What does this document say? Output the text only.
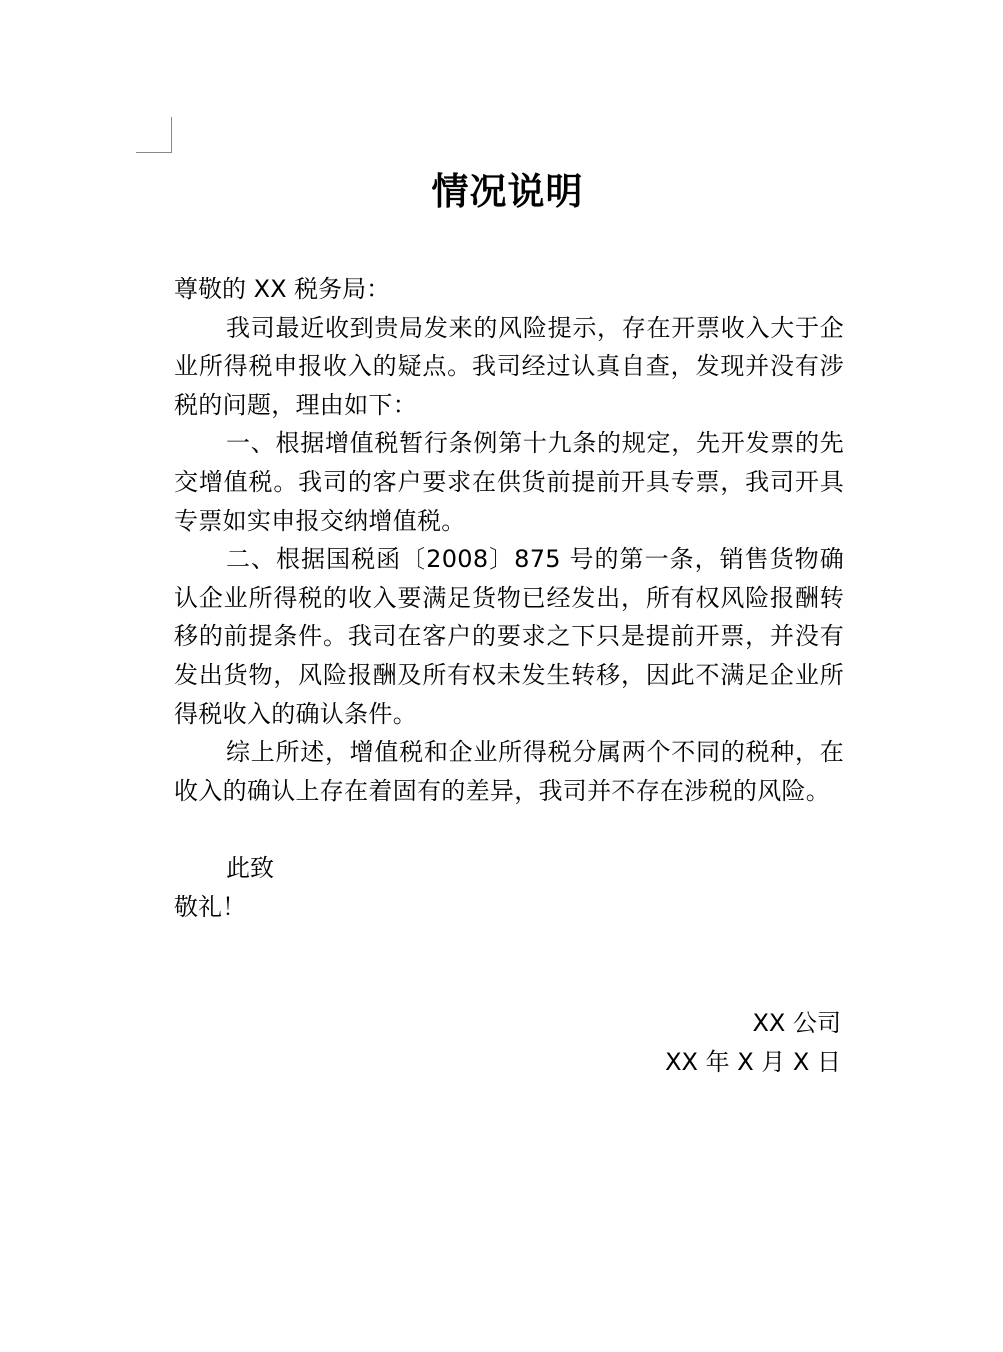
情况说明

尊敬的 XX 税务局：

我司最近收到贵局发来的风险提示，存在开票收入大于企业所得税申报收入的疑点。我司经过认真自查，发现并没有涉税的问题，理由如下：

一、根据增值税暂行条例第十九条的规定，先开发票的先交增值税。我司的客户要求在供货前提前开具专票，我司开具专票如实申报交纳增值税。

二、根据国税函〔2008〕875 号的第一条，销售货物确认企业所得税的收入要满足货物已经发出，所有权风险报酬转移的前提条件。我司在客户的要求之下只是提前开票，并没有发出货物，风险报酬及所有权未发生转移，因此不满足企业所得税收入的确认条件。

综上所述，增值税和企业所得税分属两个不同的税种，在收入的确认上存在着固有的差异，我司并不存在涉税的风险。

此致

敬礼！

XX 公司
XX 年 X 月 X 日
